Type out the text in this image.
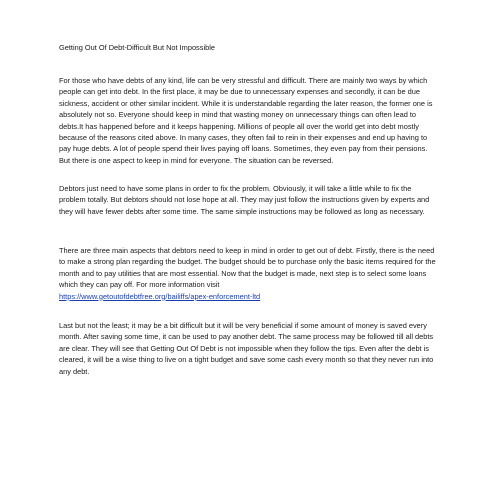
Getting Out Of Debt-Difficult But Not Impossible

For those who have debts of any kind, life can be very stressful and difficult. There are mainly two ways by which people can get into debt. In the first place, it may be due to unnecessary expenses and secondly, it can be due sickness, accident or other similar incident. While it is understandable regarding the later reason, the former one is absolutely not so. Everyone should keep in mind that wasting money on unnecessary things can often lead to debts.It has happened before and it keeps happening. Millions of people all over the world get into debt mostly because of the reasons cited above. In many cases, they often fail to rein in their expenses and end up having to pay huge debts. A lot of people spend their lives paying off loans. Sometimes, they even pay from their pensions. But there is one aspect to keep in mind for everyone. The situation can be reversed.

Debtors just need to have some plans in order to fix the problem. Obviously, it will take a little while to fix the problem totally. But debtors should not lose hope at all. They may just follow the instructions given by experts and they will have fewer debts after some time. The same simple instructions may be followed as long as necessary.

There are three main aspects that debtors need to keep in mind in order to get out of debt. Firstly, there is the need to make a strong plan regarding the budget. The budget should be to purchase only the basic items required for the month and to pay utilities that are most essential. Now that the budget is made, next step is to select some loans which they can pay off. For more information visit
https://www.getoutofdebtfree.org/bailiffs/apex-enforcement-ltd

Last but not the least; it may be a bit difficult but it will be very beneficial if some amount of money is saved every month. After saving some time, it can be used to pay another debt. The same process may be followed till all debts are clear. They will see that Getting Out Of Debt is not impossible when they follow the tips. Even after the debt is cleared, it will be a wise thing to live on a tight budget and save some cash every month so that they never run into any debt.
